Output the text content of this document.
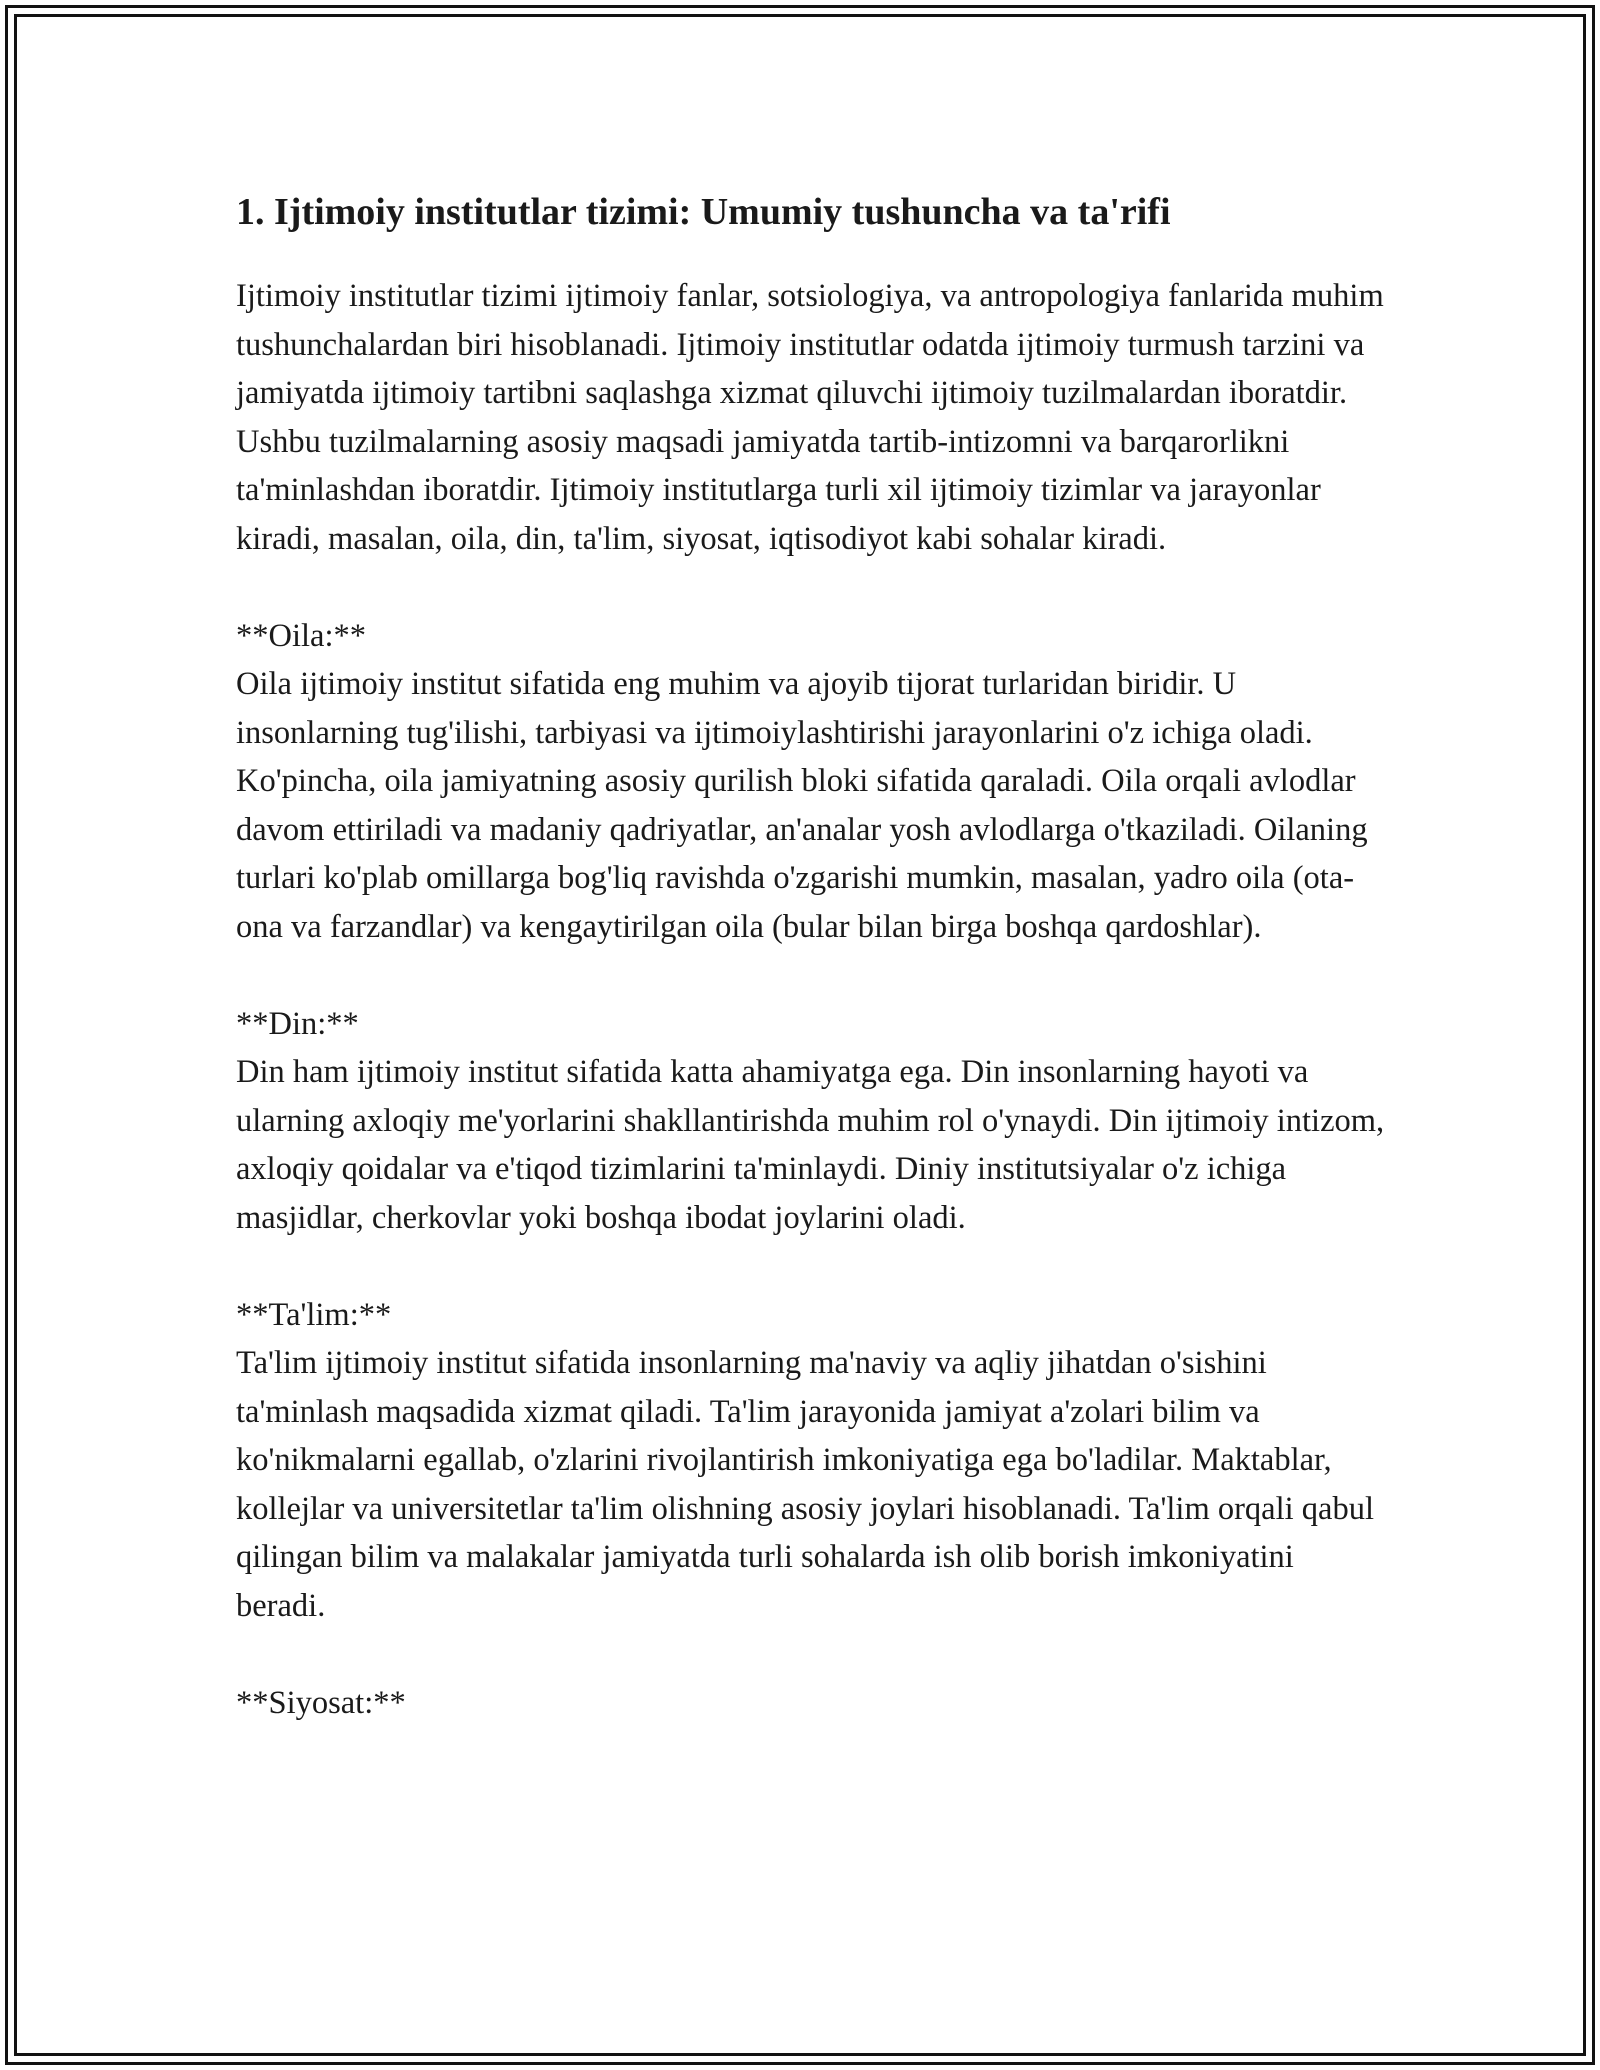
1. Ijtimoiy institutlar tizimi: Umumiy tushuncha va ta'rifi

Ijtimoiy institutlar tizimi ijtimoiy fanlar, sotsiologiya, va antropologiya fanlarida muhim tushunchalardan biri hisoblanadi. Ijtimoiy institutlar odatda ijtimoiy turmush tarzini va jamiyatda ijtimoiy tartibni saqlashga xizmat qiluvchi ijtimoiy tuzilmalardan iboratdir. Ushbu tuzilmalarning asosiy maqsadi jamiyatda tartib-intizomni va barqarorlikni ta'minlashdan iboratdir. Ijtimoiy institutlarga turli xil ijtimoiy tizimlar va jarayonlar kiradi, masalan, oila, din, ta'lim, siyosat, iqtisodiyot kabi sohalar kiradi.

**Oila:**

Oila ijtimoiy institut sifatida eng muhim va ajoyib tijorat turlaridan biridir. U insonlarning tug'ilishi, tarbiyasi va ijtimoiylashtirishi jarayonlarini o'z ichiga oladi. Ko'pincha, oila jamiyatning asosiy qurilish bloki sifatida qaraladi. Oila orqali avlodlar davom ettiriladi va madaniy qadriyatlar, an'analar yosh avlodlarga o'tkaziladi. Oilaning turlari ko'plab omillarga bog'liq ravishda o'zgarishi mumkin, masalan, yadro oila (ota-ona va farzandlar) va kengaytirilgan oila (bular bilan birga boshqa qardoshlar).

**Din:**

Din ham ijtimoiy institut sifatida katta ahamiyatga ega. Din insonlarning hayoti va ularning axloqiy me'yorlarini shakllantirishda muhim rol o'ynaydi. Din ijtimoiy intizom, axloqiy qoidalar va e'tiqod tizimlarini ta'minlaydi. Diniy institutsiyalar o'z ichiga masjidlar, cherkovlar yoki boshqa ibodat joylarini oladi.

**Ta'lim:**

Ta'lim ijtimoiy institut sifatida insonlarning ma'naviy va aqliy jihatdan o'sishini ta'minlash maqsadida xizmat qiladi. Ta'lim jarayonida jamiyat a'zolari bilim va ko'nikmalarni egallab, o'zlarini rivojlantirish imkoniyatiga ega bo'ladilar. Maktablar, kollejlar va universitetlar ta'lim olishning asosiy joylari hisoblanadi. Ta'lim orqali qabul qilingan bilim va malakalar jamiyatda turli sohalarda ish olib borish imkoniyatini beradi.

**Siyosat:**
